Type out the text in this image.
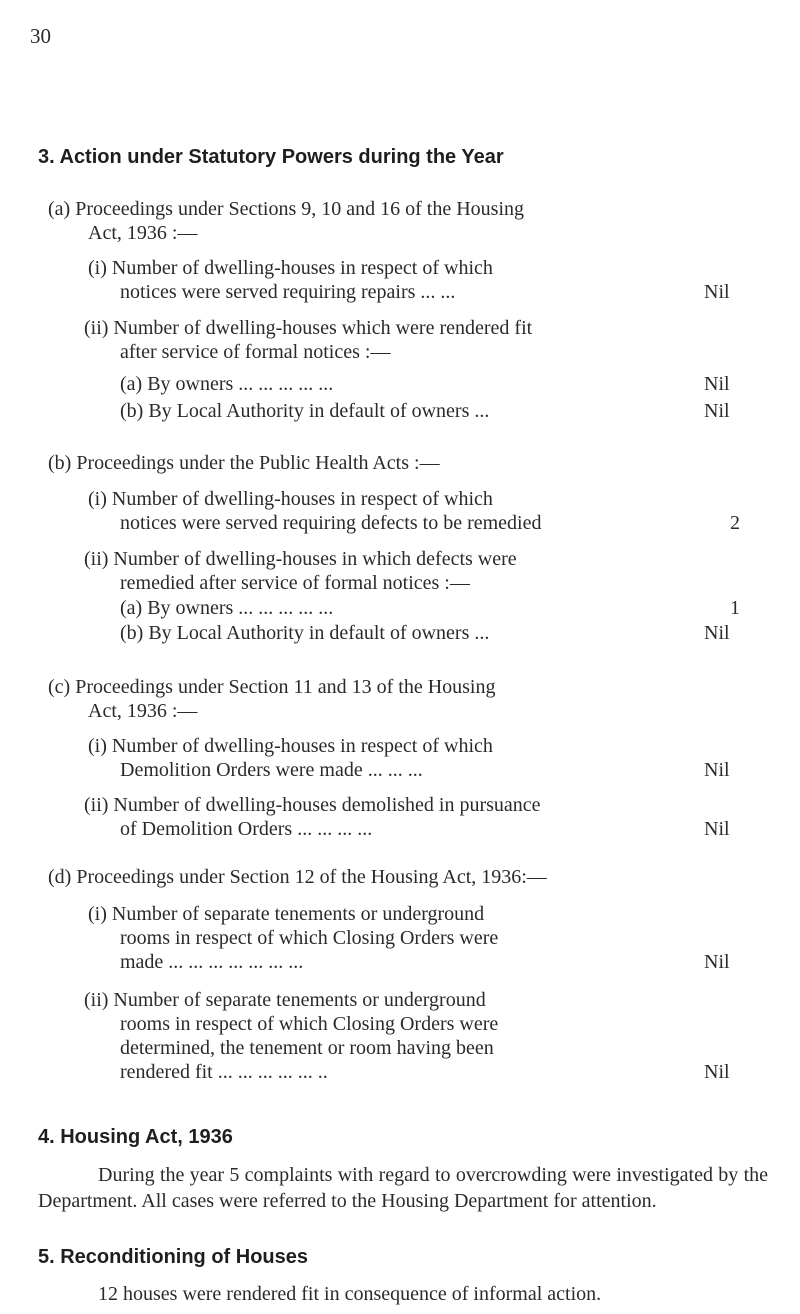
30
3. Action under Statutory Powers during the Year
(a) Proceedings under Sections 9, 10 and 16 of the Housing
Act, 1936 :—
(i) Number of dwelling-houses in respect of which
notices were served requiring repairs ... ...	Nil
(ii) Number of dwelling-houses which were rendered fit
after service of formal notices :—
(a) By owners ... ... ... ... ...	Nil
(b) By Local Authority in default of owners ...	Nil
(b) Proceedings under the Public Health Acts :—
(i) Number of dwelling-houses in respect of which
notices were served requiring defects to be remedied	2
(ii) Number of dwelling-houses in which defects were
remedied after service of formal notices :—
(a) By owners ... ... ... ... ...	1
(b) By Local Authority in default of owners ...	Nil
(c) Proceedings under Section 11 and 13 of the Housing
Act, 1936 :—
(i) Number of dwelling-houses in respect of which
Demolition Orders were made ... ... ...	Nil
(ii) Number of dwelling-houses demolished in pursuance
of Demolition Orders ... ... ... ...	Nil
(d) Proceedings under Section 12 of the Housing Act, 1936:—
(i) Number of separate tenements or underground
rooms in respect of which Closing Orders were
made ... ... ... ... ... ... ...	Nil
(ii) Number of separate tenements or underground
rooms in respect of which Closing Orders were
determined, the tenement or room having been
rendered fit ... ... ... ... ... ..	Nil
4. Housing Act, 1936

During the year 5 complaints with regard to overcrowding were investigated by the Department. All cases were referred to the Housing Department for attention.

5. Reconditioning of Houses
12 houses were rendered fit in consequence of informal action.
